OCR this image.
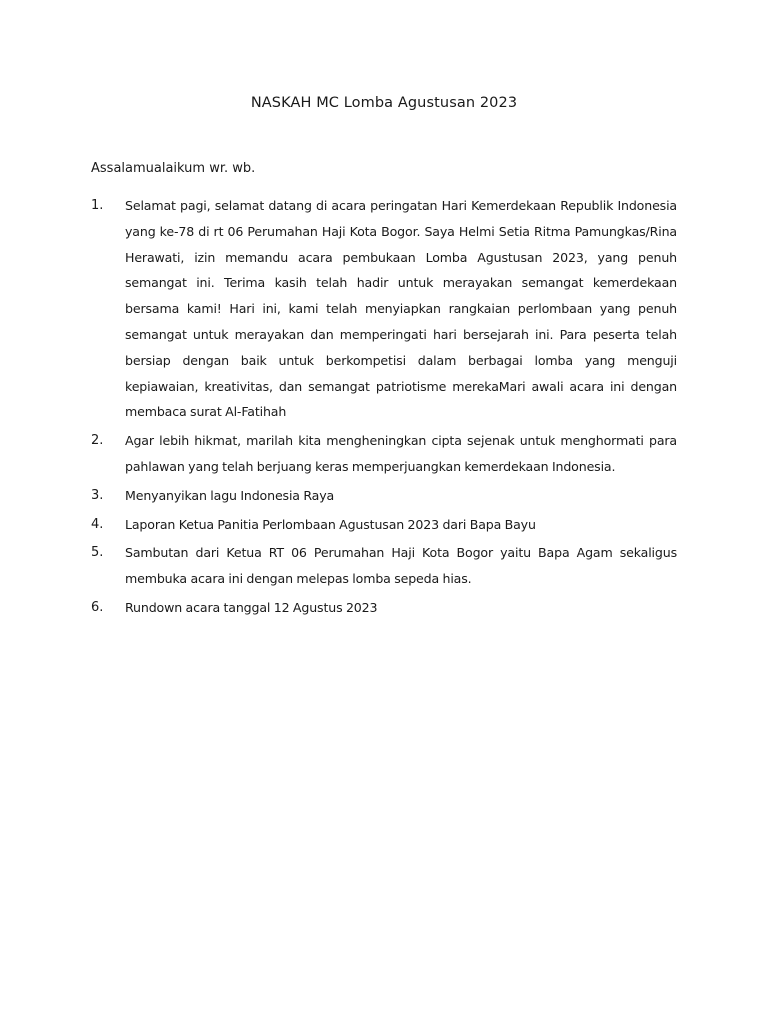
NASKAH MC Lomba Agustusan 2023
Assalamualaikum wr. wb.
1.	Selamat pagi, selamat datang di acara peringatan Hari Kemerdekaan Republik Indonesia yang ke-78 di rt 06 Perumahan Haji Kota Bogor. Saya Helmi Setia Ritma Pamungkas/Rina Herawati, izin memandu acara pembukaan Lomba Agustusan 2023, yang penuh semangat ini. Terima kasih telah hadir untuk merayakan semangat kemerdekaan bersama kami! Hari ini, kami telah menyiapkan rangkaian perlombaan yang penuh semangat untuk merayakan dan memperingati hari bersejarah ini. Para peserta telah bersiap dengan baik untuk berkompetisi dalam berbagai lomba yang menguji kepiawaian, kreativitas, dan semangat patriotisme merekaMari awali acara ini dengan membaca surat Al-Fatihah
2.	Agar lebih hikmat, marilah kita mengheningkan cipta sejenak untuk menghormati para pahlawan yang telah berjuang keras memperjuangkan kemerdekaan Indonesia.
3.	Menyanyikan lagu Indonesia Raya
4.	Laporan Ketua Panitia Perlombaan Agustusan 2023 dari Bapa Bayu
5.	Sambutan dari Ketua RT 06 Perumahan Haji Kota Bogor yaitu Bapa Agam sekaligus membuka acara ini dengan melepas lomba sepeda hias.
6.	Rundown acara tanggal 12 Agustus 2023
